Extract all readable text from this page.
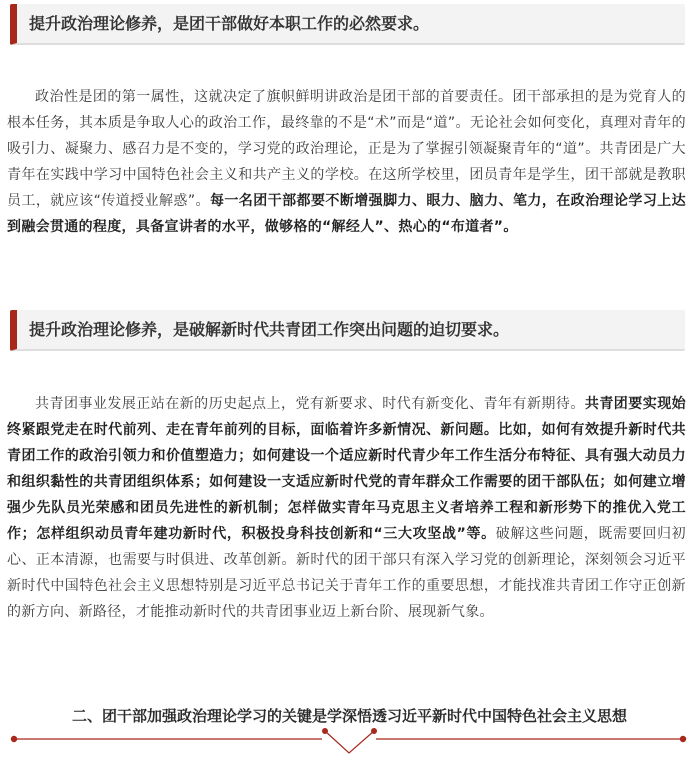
提升政治理论修养，是团干部做好本职工作的必然要求。

政治性是团的第一属性，这就决定了旗帜鲜明讲政治是团干部的首要责任。团干部承担的是为党育人的根本任务，其本质是争取人心的政治工作，最终靠的不是“术”而是“道”。无论社会如何变化，真理对青年的吸引力、凝聚力、感召力是不变的，学习党的政治理论，正是为了掌握引领凝聚青年的“道”。共青团是广大青年在实践中学习中国特色社会主义和共产主义的学校。在这所学校里，团员青年是学生，团干部就是教职员工，就应该“传道授业解惑”。每一名团干部都要不断增强脚力、眼力、脑力、笔力，在政治理论学习上达到融会贯通的程度，具备宣讲者的水平，做够格的“解经人”、热心的“布道者”。

提升政治理论修养，是破解新时代共青团工作突出问题的迫切要求。

共青团事业发展正站在新的历史起点上，党有新要求、时代有新变化、青年有新期待。共青团要实现始终紧跟党走在时代前列、走在青年前列的目标，面临着许多新情况、新问题。比如，如何有效提升新时代共青团工作的政治引领力和价值塑造力；如何建设一个适应新时代青少年工作生活分布特征、具有强大动员力和组织黏性的共青团组织体系；如何建设一支适应新时代党的青年群众工作需要的团干部队伍；如何建立增强少先队员光荣感和团员先进性的新机制；怎样做实青年马克思主义者培养工程和新形势下的推优入党工作；怎样组织动员青年建功新时代，积极投身科技创新和“三大攻坚战”等。破解这些问题，既需要回归初心、正本清源，也需要与时俱进、改革创新。新时代的团干部只有深入学习党的创新理论，深刻领会习近平新时代中国特色社会主义思想特别是习近平总书记关于青年工作的重要思想，才能找准共青团工作守正创新的新方向、新路径，才能推动新时代的共青团事业迈上新台阶、展现新气象。

二、团干部加强政治理论学习的关键是学深悟透习近平新时代中国特色社会主义思想
